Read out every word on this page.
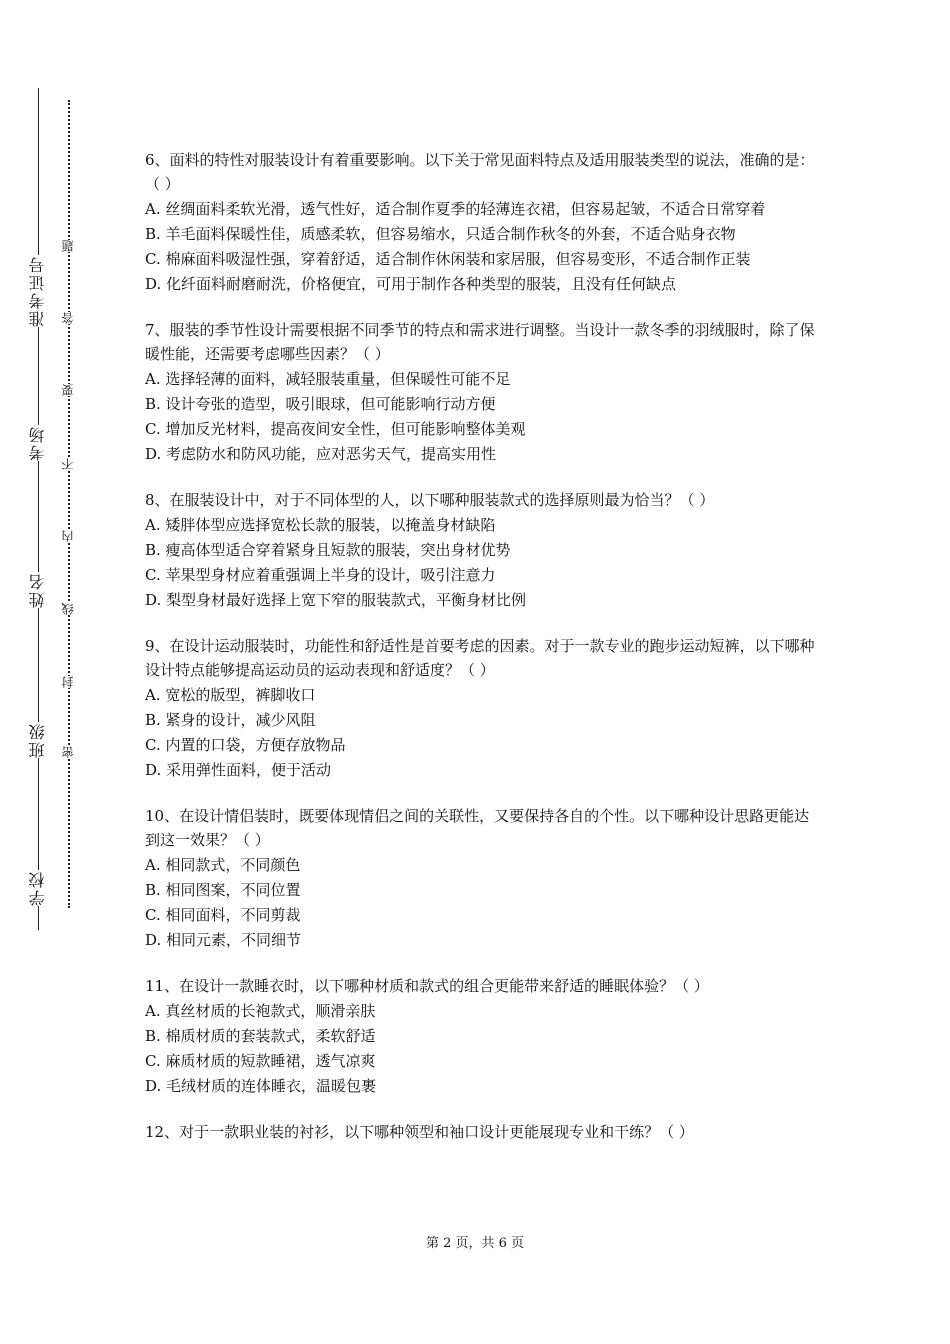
准考证号
考场
姓名
班级
学校
题
答
要
不
内
线
封
密

6、面料的特性对服装设计有着重要影响。以下关于常见面料特点及适用服装类型的说法，准确的是：（ ）

A. 丝绸面料柔软光滑，透气性好，适合制作夏季的轻薄连衣裙，但容易起皱，不适合日常穿着

B. 羊毛面料保暖性佳，质感柔软，但容易缩水，只适合制作秋冬的外套，不适合贴身衣物

C. 棉麻面料吸湿性强，穿着舒适，适合制作休闲装和家居服，但容易变形，不适合制作正装

D. 化纤面料耐磨耐洗，价格便宜，可用于制作各种类型的服装，且没有任何缺点

7、服装的季节性设计需要根据不同季节的特点和需求进行调整。当设计一款冬季的羽绒服时，除了保暖性能，还需要考虑哪些因素？（ ）

A. 选择轻薄的面料，减轻服装重量，但保暖性可能不足

B. 设计夸张的造型，吸引眼球，但可能影响行动方便

C. 增加反光材料，提高夜间安全性，但可能影响整体美观

D. 考虑防水和防风功能，应对恶劣天气，提高实用性

8、在服装设计中，对于不同体型的人，以下哪种服装款式的选择原则最为恰当？（ ）

A. 矮胖体型应选择宽松长款的服装，以掩盖身材缺陷

B. 瘦高体型适合穿着紧身且短款的服装，突出身材优势

C. 苹果型身材应着重强调上半身的设计，吸引注意力

D. 梨型身材最好选择上宽下窄的服装款式，平衡身材比例

9、在设计运动服装时，功能性和舒适性是首要考虑的因素。对于一款专业的跑步运动短裤，以下哪种设计特点能够提高运动员的运动表现和舒适度？（ ）

A. 宽松的版型，裤脚收口

B. 紧身的设计，减少风阻

C. 内置的口袋，方便存放物品

D. 采用弹性面料，便于活动

10、在设计情侣装时，既要体现情侣之间的关联性，又要保持各自的个性。以下哪种设计思路更能达到这一效果？（ ）

A. 相同款式，不同颜色

B. 相同图案，不同位置

C. 相同面料，不同剪裁

D. 相同元素，不同细节

11、在设计一款睡衣时，以下哪种材质和款式的组合更能带来舒适的睡眠体验？（ ）

A. 真丝材质的长袍款式，顺滑亲肤

B. 棉质材质的套装款式，柔软舒适

C. 麻质材质的短款睡裙，透气凉爽

D. 毛绒材质的连体睡衣，温暖包裹

12、对于一款职业装的衬衫，以下哪种领型和袖口设计更能展现专业和干练？（ ）

第 2 页，共 6 页
